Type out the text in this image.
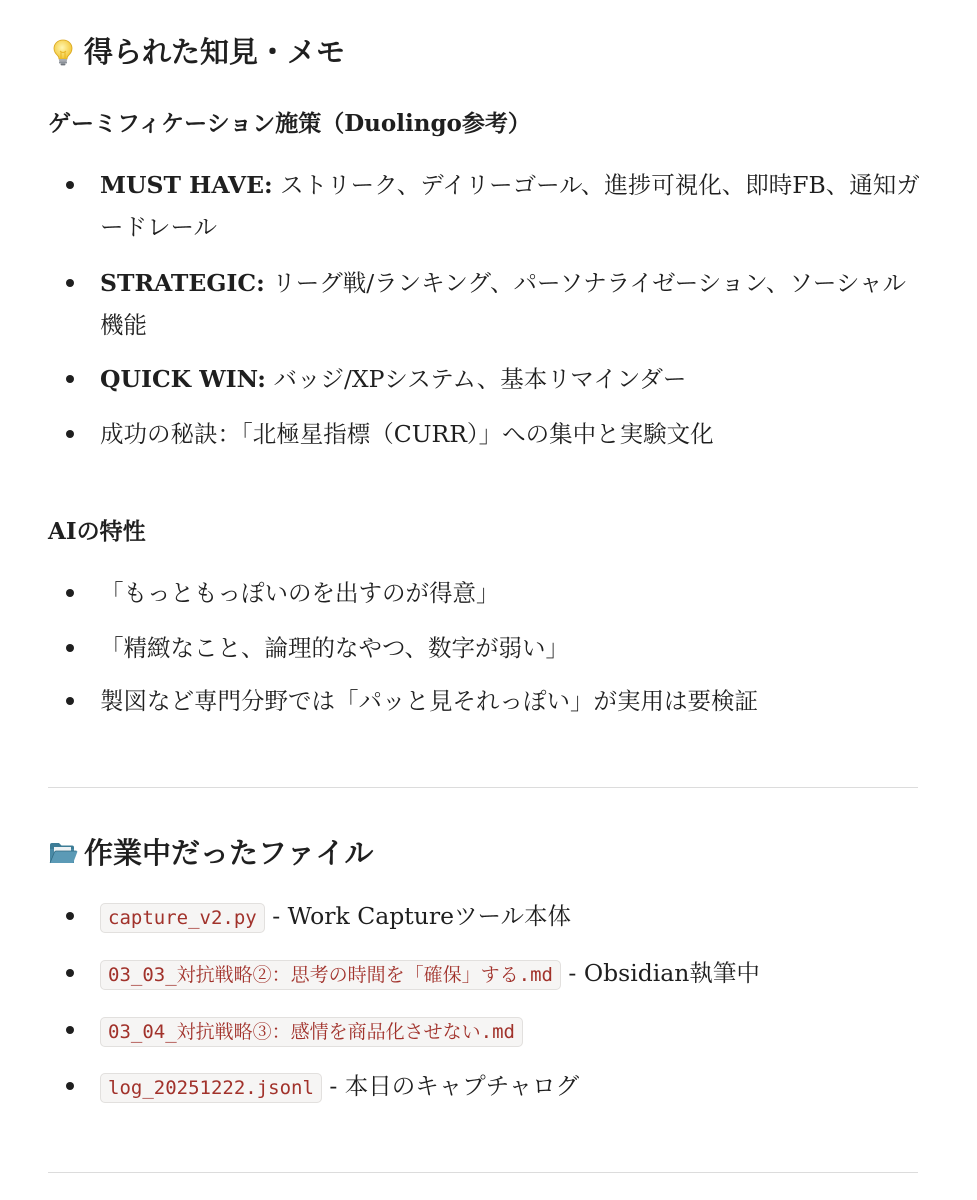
得られた知見・メモ
ゲーミフィケーション施策（Duolingo参考）
MUST HAVE: ストリーク、デイリーゴール、進捗可視化、即時FB、通知ガードレール
STRATEGIC: リーグ戦/ランキング、パーソナライゼーション、ソーシャル機能
QUICK WIN: バッジ/XPシステム、基本リマインダー
成功の秘訣：「北極星指標（CURR）」への集中と実験文化
AIの特性
「もっともっぽいのを出すのが得意」
「精緻なこと、論理的なやつ、数字が弱い」
製図など専門分野では「パッと見それっぽい」が実用は要検証
作業中だったファイル
capture_v2.py - Work Captureツール本体
03_03_対抗戦略②：思考の時間を「確保」する.md - Obsidian執筆中
03_04_対抗戦略③：感情を商品化させない.md
log_20251222.jsonl - 本日のキャプチャログ
